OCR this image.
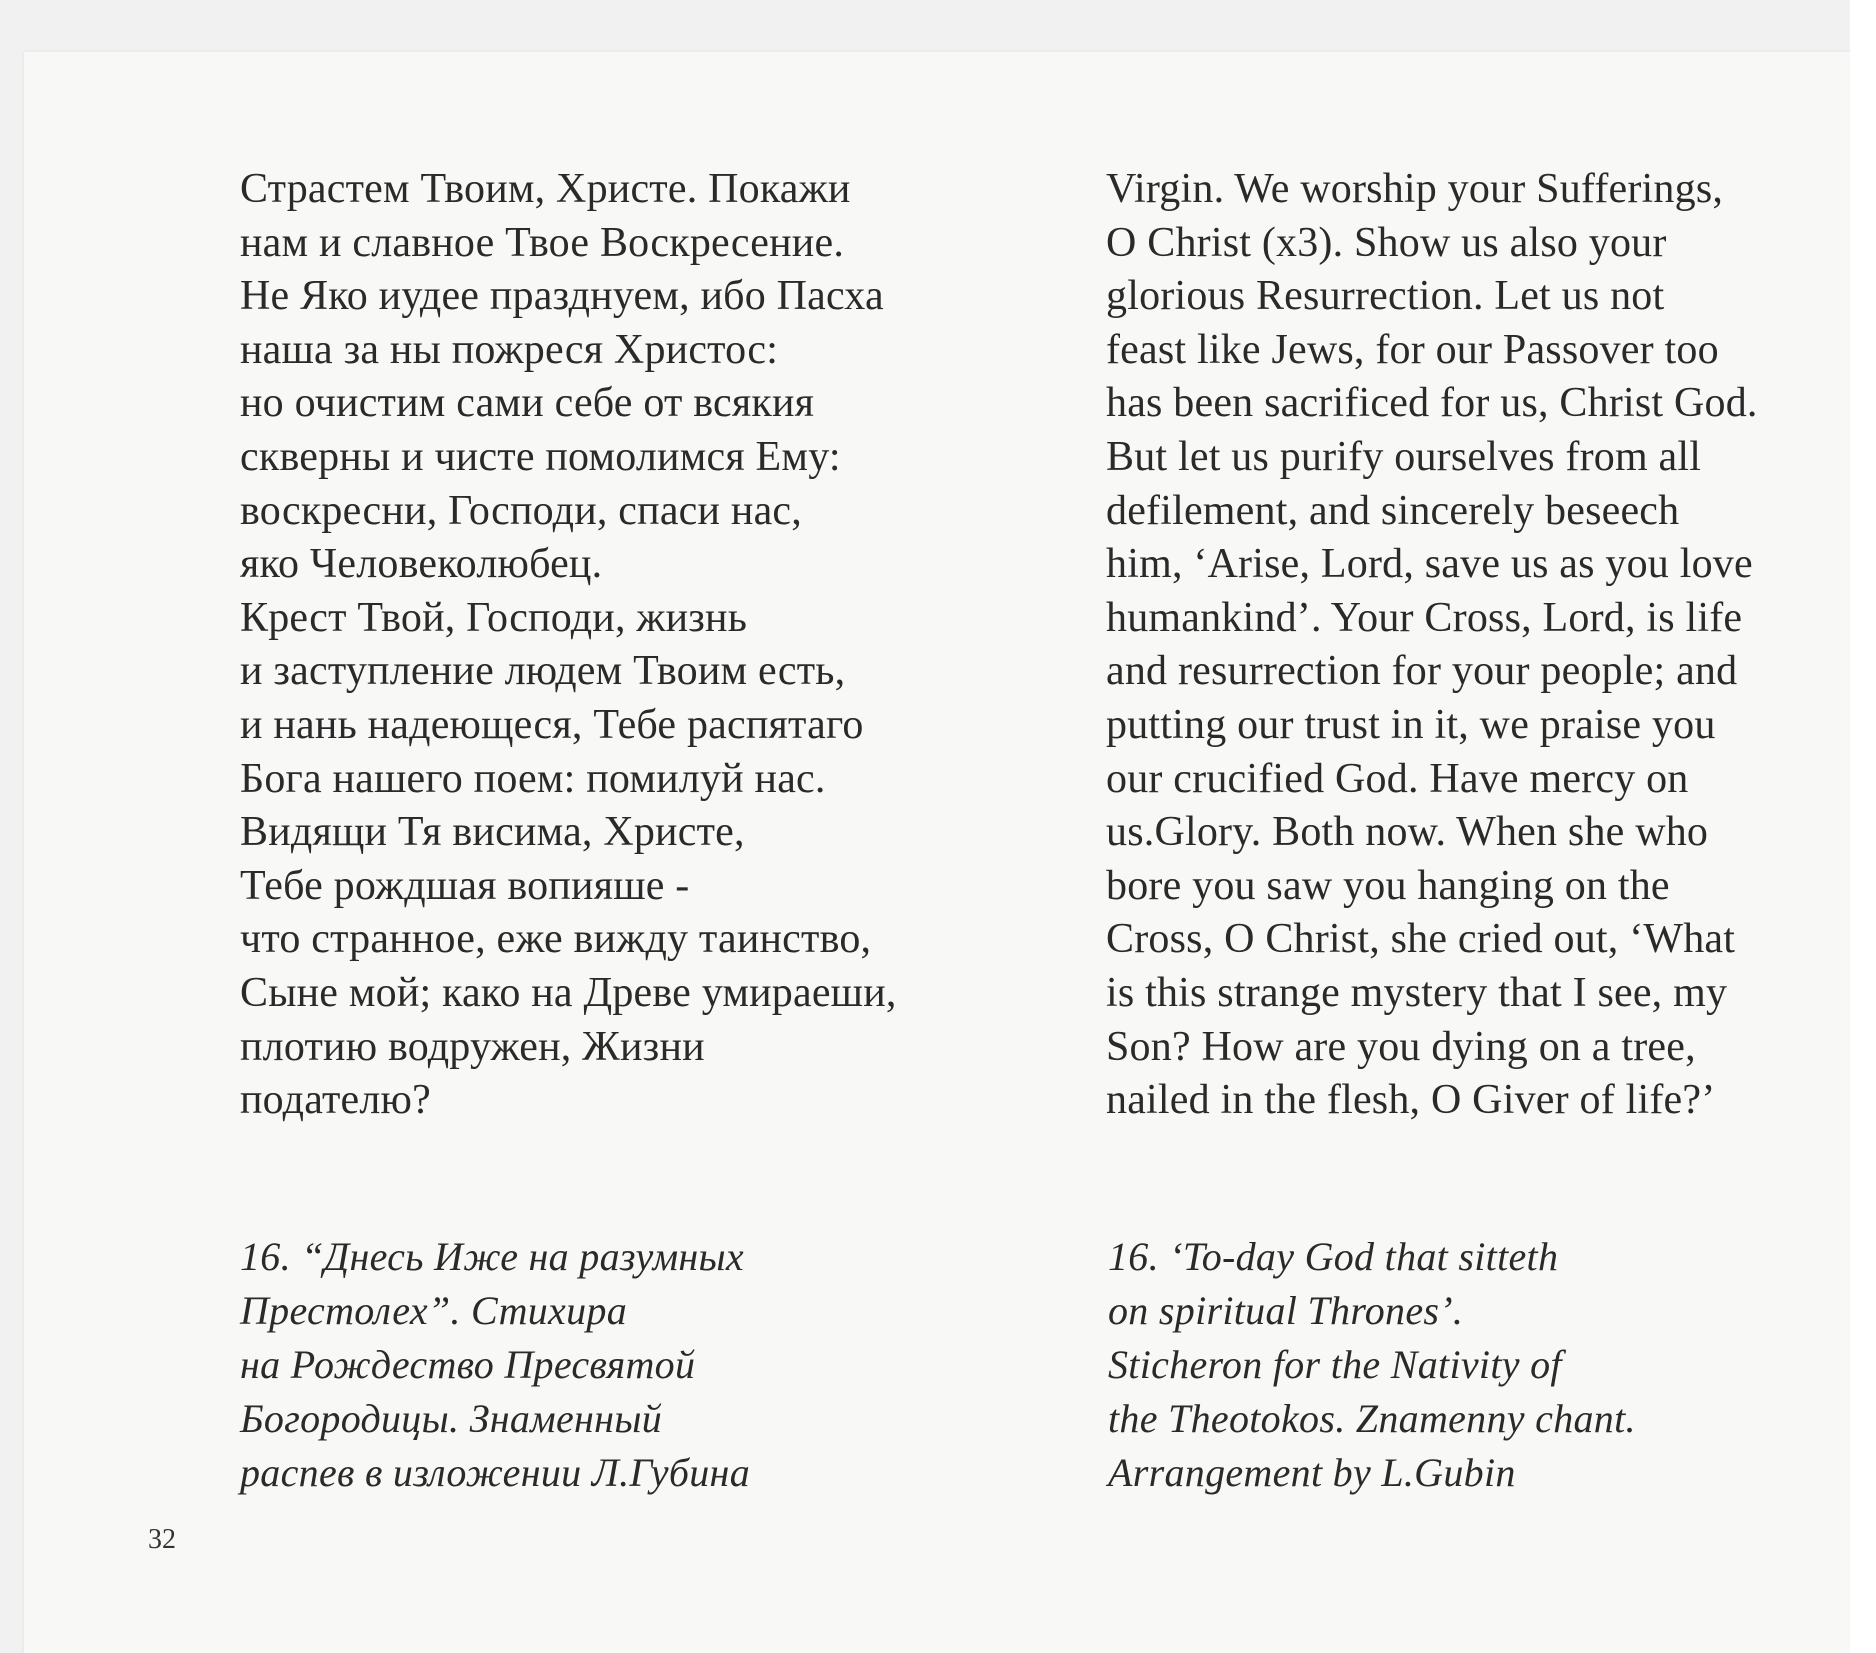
Страстем Твоим, Христе. Покажи
нам и славное Твое Воскресение.
Не Яко иудее празднуем, ибо Пасха
наша за ны пожреся Христос:
но очистим сами себе от всякия
скверны и чисте помолимся Ему:
воскресни, Господи, спаси нас,
яко Человеколюбец.
Крест Твой, Господи, жизнь
и заступление людем Твоим есть,
и нань надеющеся, Тебе распятаго
Бога нашего поем: помилуй нас.
Видящи Тя висима, Христе,
Тебе рождшая вопияше -
что странное, еже вижду таинство,
Сыне мой; како на Древе умираеши,
плотию водружен, Жизни
подателю?
Virgin. We worship your Sufferings,
O Christ (x3). Show us also your
glorious Resurrection. Let us not
feast like Jews, for our Passover too
has been sacrificed for us, Christ God.
But let us purify ourselves from all
defilement, and sincerely beseech
him, ‘Arise, Lord, save us as you love
humankind’. Your Cross, Lord, is life
and resurrection for your people; and
putting our trust in it, we praise you
our crucified God. Have mercy on
us.Glory. Both now. When she who
bore you saw you hanging on the
Cross, O Christ, she cried out, ‘What
is this strange mystery that I see, my
Son? How are you dying on a tree,
nailed in the flesh, O Giver of life?’
16. “Днесь Иже на разумных
Престолех”. Стихира
на Рождество Пресвятой
Богородицы. Знаменный
распев в изложении Л.Губина
16. ‘To-day God that sitteth
on spiritual Thrones’.
Sticheron for the Nativity of
the Theotokos. Znamenny chant.
Arrangement by L.Gubin
32
